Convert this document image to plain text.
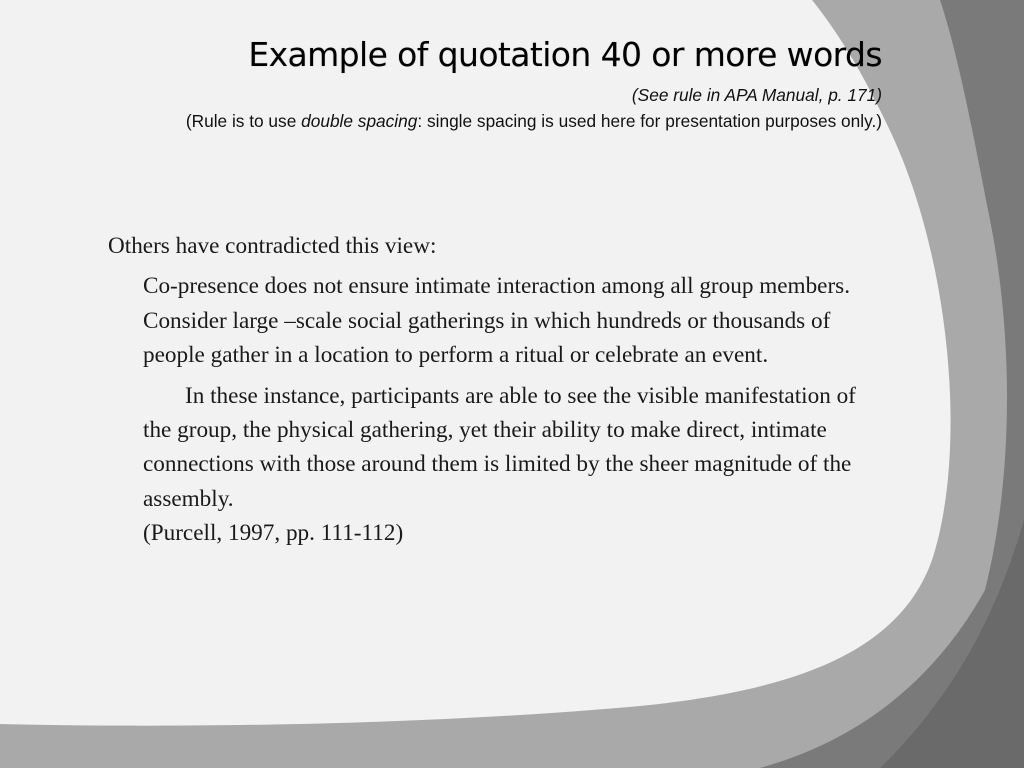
Example of quotation 40 or more words
(See rule in APA Manual, p. 171)
(Rule is to use double spacing: single spacing is used here for presentation purposes only.)

Others have contradicted this view:

Co-presence does not ensure intimate interaction among all group members. Consider large –scale social gatherings in which hundreds or thousands of people gather in a location to perform a ritual or celebrate an event.

In these instance, participants are able to see the visible manifestation of the group, the physical gathering, yet their ability to make direct, intimate connections with those around them is limited by the sheer magnitude of the assembly.

(Purcell, 1997, pp. 111-112)
